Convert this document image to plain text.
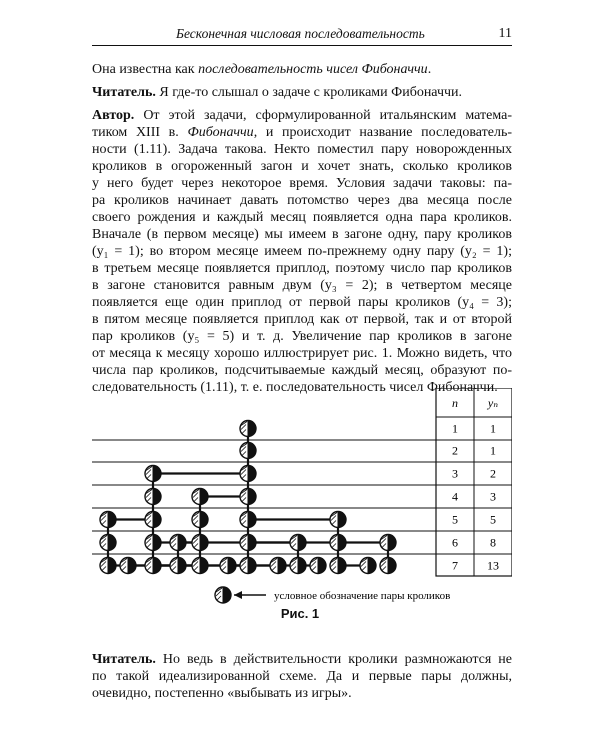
Бесконечная числовая последовательность	11
Она известна как последовательность чисел Фибоначчи.
Читатель. Я где-то слышал о задаче с кроликами Фибоначчи.
Автор. От этой задачи, сформулированной итальянским матема-
тиком XIII в. Фибоначчи, и происходит название последователь-
ности (1.11). Задача такова. Некто поместил пару новорожденных
кроликов в огороженный загон и хочет знать, сколько кроликов
у него будет через некоторое время. Условия задачи таковы: па-
ра кроликов начинает давать потомство через два месяца после
своего рождения и каждый месяц появляется одна пара кроликов.
Вначале (в первом месяце) мы имеем в загоне одну, пару кроликов
(y₁ = 1); во втором месяце имеем по-прежнему одну пару (y₂ = 1);
в третьем месяце появляется приплод, поэтому число пар кроликов
в загоне становится равным двум (y₃ = 2); в четвертом месяце
появляется еще один приплод от первой пары кроликов (y₄ = 3);
в пятом месяце появляется приплод как от первой, так и от второй
пар кроликов (y₅ = 5) и т. д. Увеличение пар кроликов в загоне
от месяца к месяцу хорошо иллюстрирует рис. 1. Можно видеть, что
числа пар кроликов, подсчитываемые каждый месяц, образуют по-
следовательность (1.11), т. е. последовательность чисел Фибоначчи.
n yₙ
1	1
2	1
3	2
4	3
5	5
6	8
7 13
условное обозначение пары кроликов
Рис. 1
Читатель. Но ведь в действительности кролики размножаются не
по такой идеализированной схеме. Да и первые пары должны,
очевидно, постепенно «выбывать из игры».
